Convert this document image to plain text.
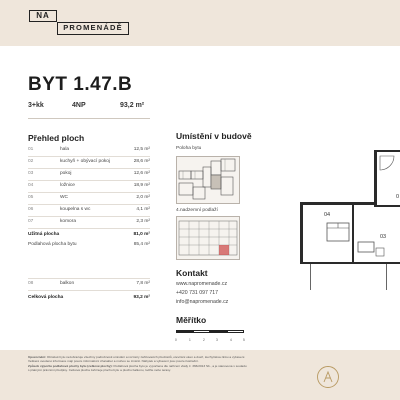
NA
PROMENÁDĚ
BYT 1.47.B
3+kk	4NP	93,2 m²
Přehled ploch
01	hala	12,5 m²
02	kuchyň + obývací pokoj	28,6 m²
03	pokoj	12,6 m²
04	ložnice	18,9 m²
05	WC	2,0 m²
06	koupelna s wc	4,1 m²
07	komora	2,3 m²
Užitná plocha	81,0 m²
Podlahová plocha bytu	85,4 m²
08	balkon	7,8 m²
Celková plocha	93,2 m²
Umístění v budově
Poloha bytu
4.nadzemní podlaží
04
03
0
Kontakt
www.napromenade.cz
+420 731 097 717
info@napromenade.cz
Měřítko
0	1	2	3	4	5
Upozornění: Obrázek bytu nezobrazuje všechny podrobnosti umístění a rozměry zařizovacích předmětů, otevírání oken a dveří, kuchyňskou linku a vybavení. Veškeré uvedené informace mají pouze informativní charakter a mohou se změnit. Nábytek a vybavení jsou pouze ilustrační.
Způsob výpočtu podlahové plochy bytu (celkové plochy): Podlahová plocha bytu je vypočtena dle nařízení vlády č. 366/2013 Sb., a je stanovena v souladu s platnými právními předpisy. Celková plocha zahrnuje plochu bytu a plochu balkonu, lodžie nebo terasy.
